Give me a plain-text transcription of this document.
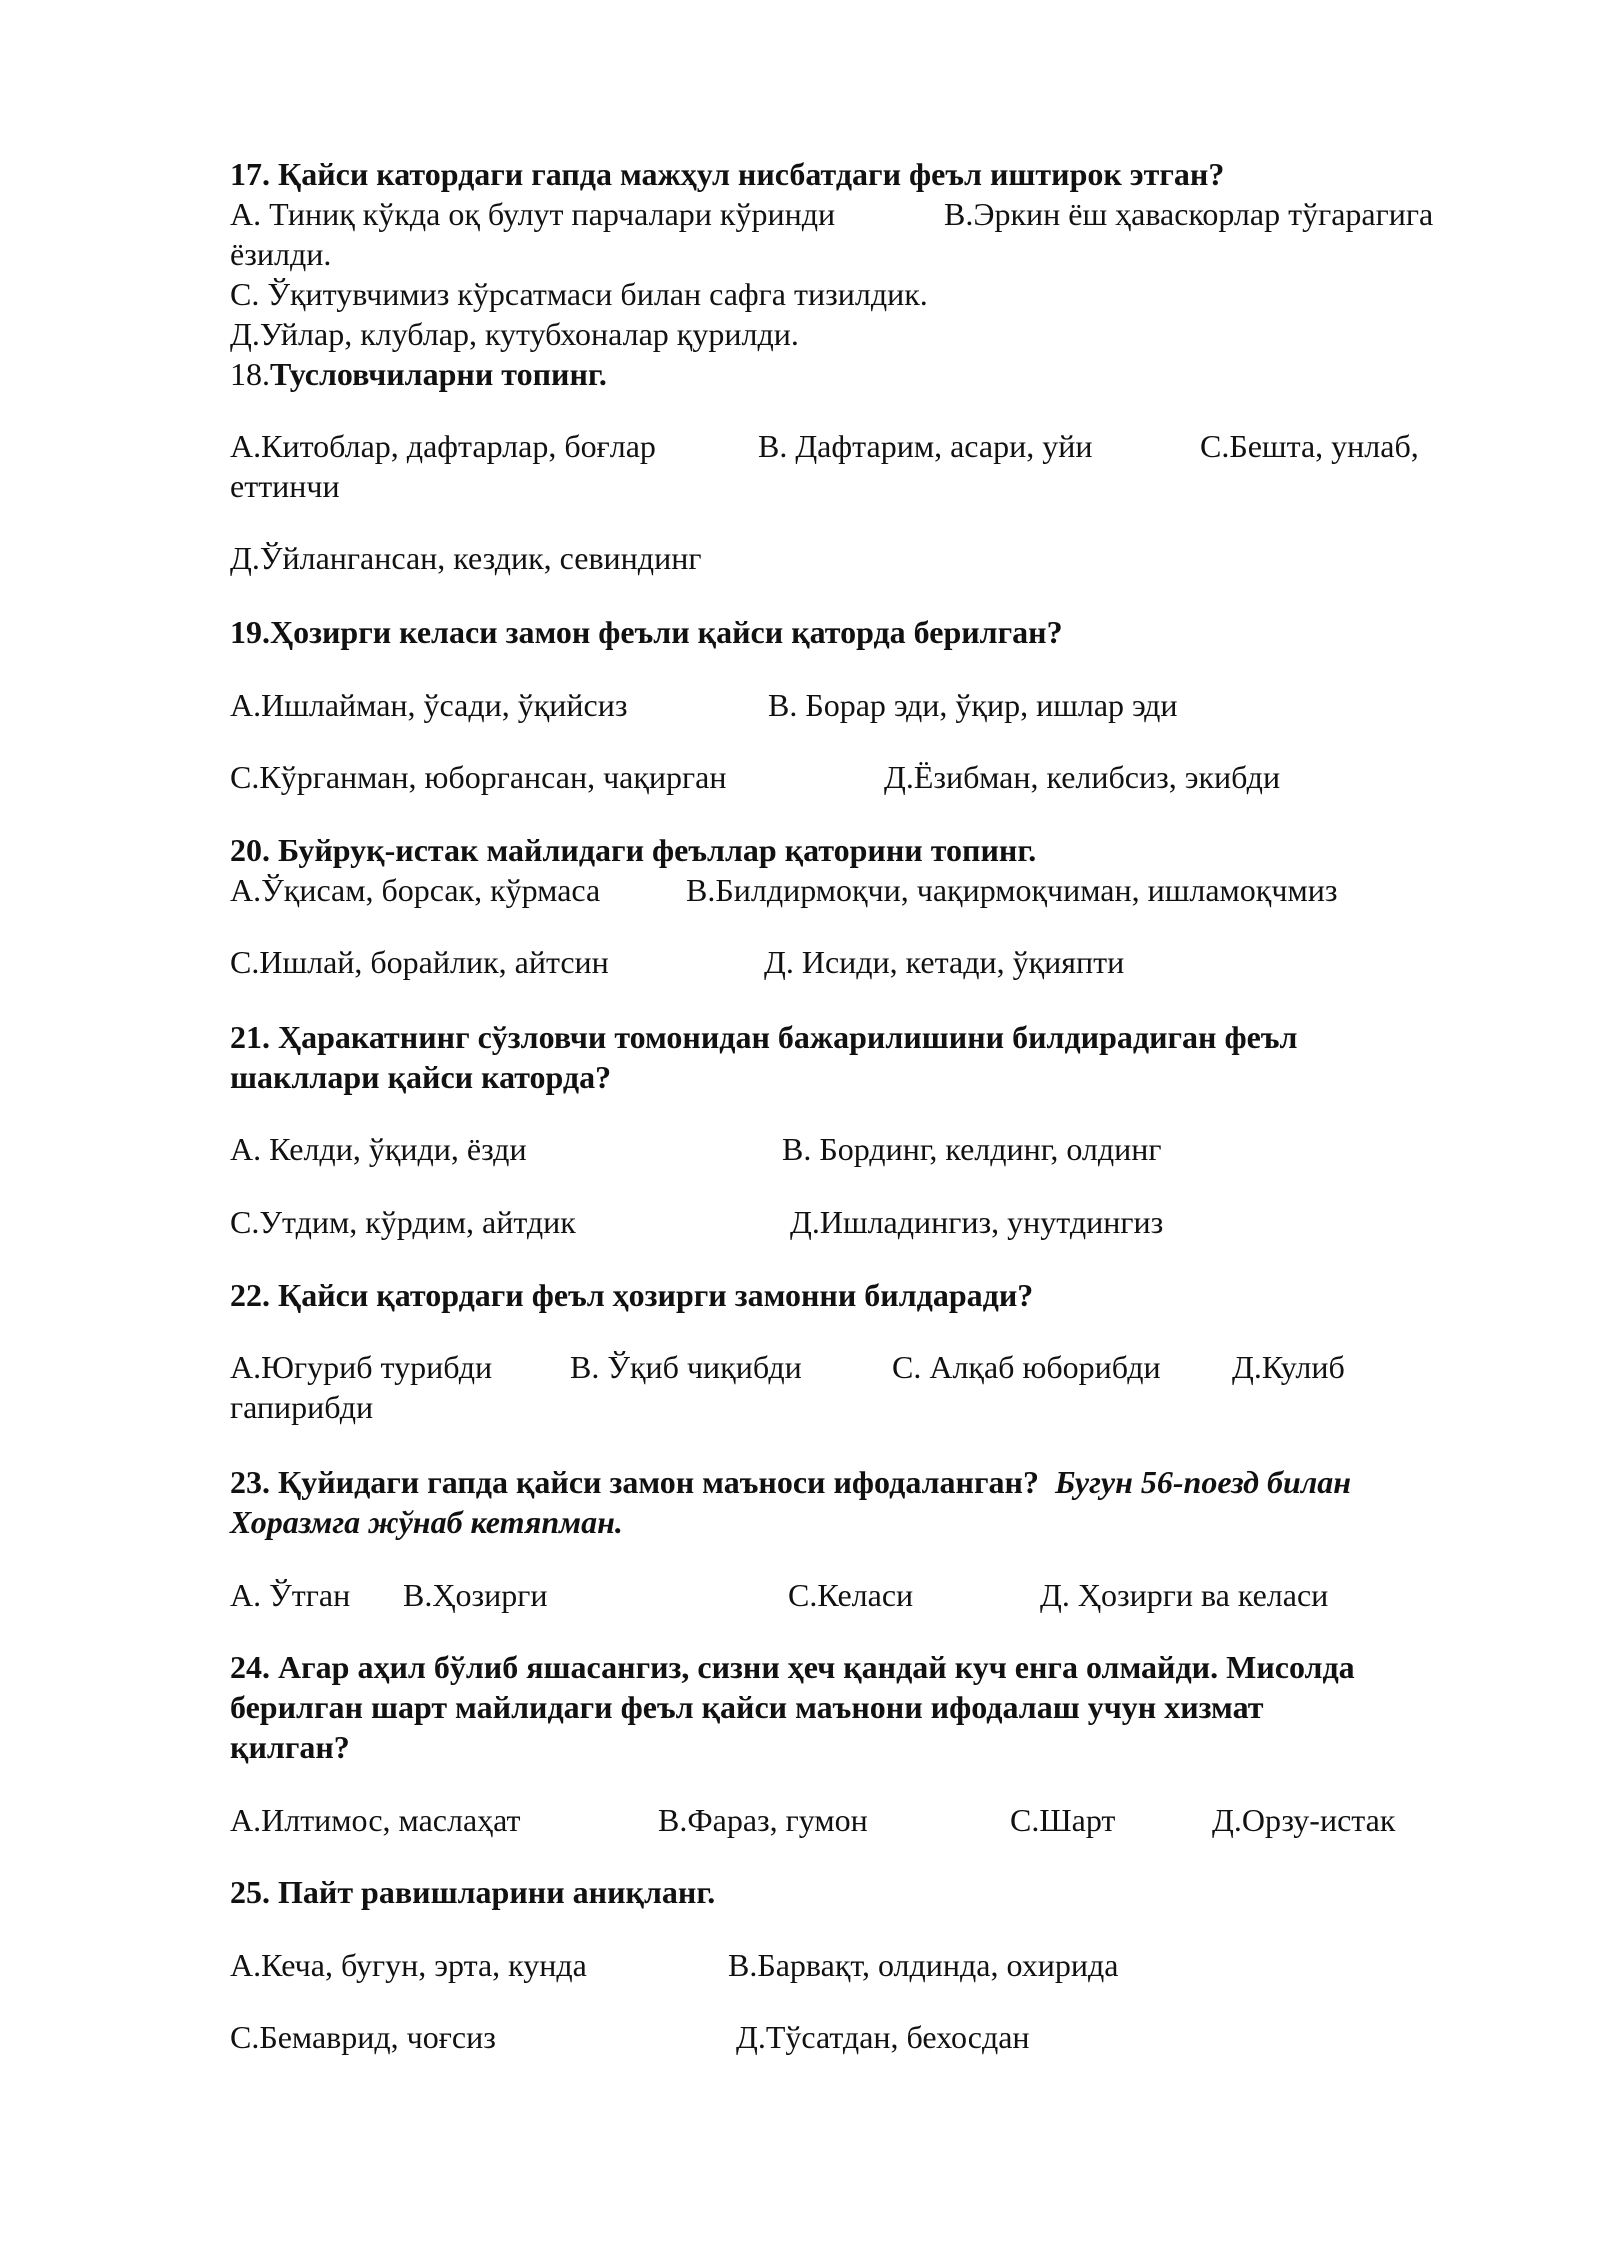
17. Қайси катордаги гапда мажҳул нисбатдаги феъл иштирок этган?
А. Тиниқ кўкда оқ булут парчалари кўринди	В.Эркин ёш ҳаваскорлар тўгарагига
ёзилди.
С. Ўқитувчимиз кўрсатмаси билан сафга тизилдик.
Д.Уйлар, клублар, кутубхоналар қурилди.
18.Тусловчиларни топинг.
А.Китоблар, дафтарлар, боғлар	В. Дафтарим, асари, уйи	С.Бешта, унлаб,
еттинчи
Д.Ўйлангансан, кездик, севиндинг
19.Ҳозирги келаси замон феъли қайси қаторда берилган?
А.Ишлайман, ўсади, ўқийсиз	В. Борар эди, ўқир, ишлар эди
С.Кўрганман, юборгансан, чақирган	Д.Ёзибман, келибсиз, экибди
20. Буйруқ-истак майлидаги феъллар қаторини топинг.
А.Ўқисам, борсак, кўрмаса	В.Билдирмоқчи, чақирмоқчиман, ишламоқчмиз
С.Ишлай, борайлик, айтсин	Д. Исиди, кетади, ўқияпти
21. Ҳаракатнинг сўзловчи томонидан бажарилишини билдирадиган феъл
шакллари қайси каторда?
А. Келди, ўқиди, ёзди	В. Бординг, келдинг, олдинг
С.Утдим, кўрдим, айтдик	Д.Ишладингиз, унутдингиз
22. Қайси қатордаги феъл ҳозирги замонни билдаради?
А.Югуриб турибди В. Ўқиб чиқибди	С. Алқаб юборибди Д.Кулиб
гапирибди
23. Қуйидаги гапда қайси замон маъноси ифодаланган? Бугун 56-поезд билан
Хоразмга жўнаб кетяпман.
А. Ўтган В.Ҳозирги	С.Келаси	Д. Ҳозирги ва келаси
24. Агар аҳил бўлиб яшасангиз, сизни ҳеч қандай куч енга олмайди. Мисолда
берилган шарт майлидаги феъл қайси маънони ифодалаш учун хизмат
қилган?
А.Илтимос, маслаҳат	В.Фараз, гумон	С.Шарт	Д.Орзу-истак
25. Пайт равишларини аниқланг.
А.Кеча, бугун, эрта, кунда	В.Барвақт, олдинда, охирида
С.Бемаврид, чоғсиз	Д.Тўсатдан, бехосдан
